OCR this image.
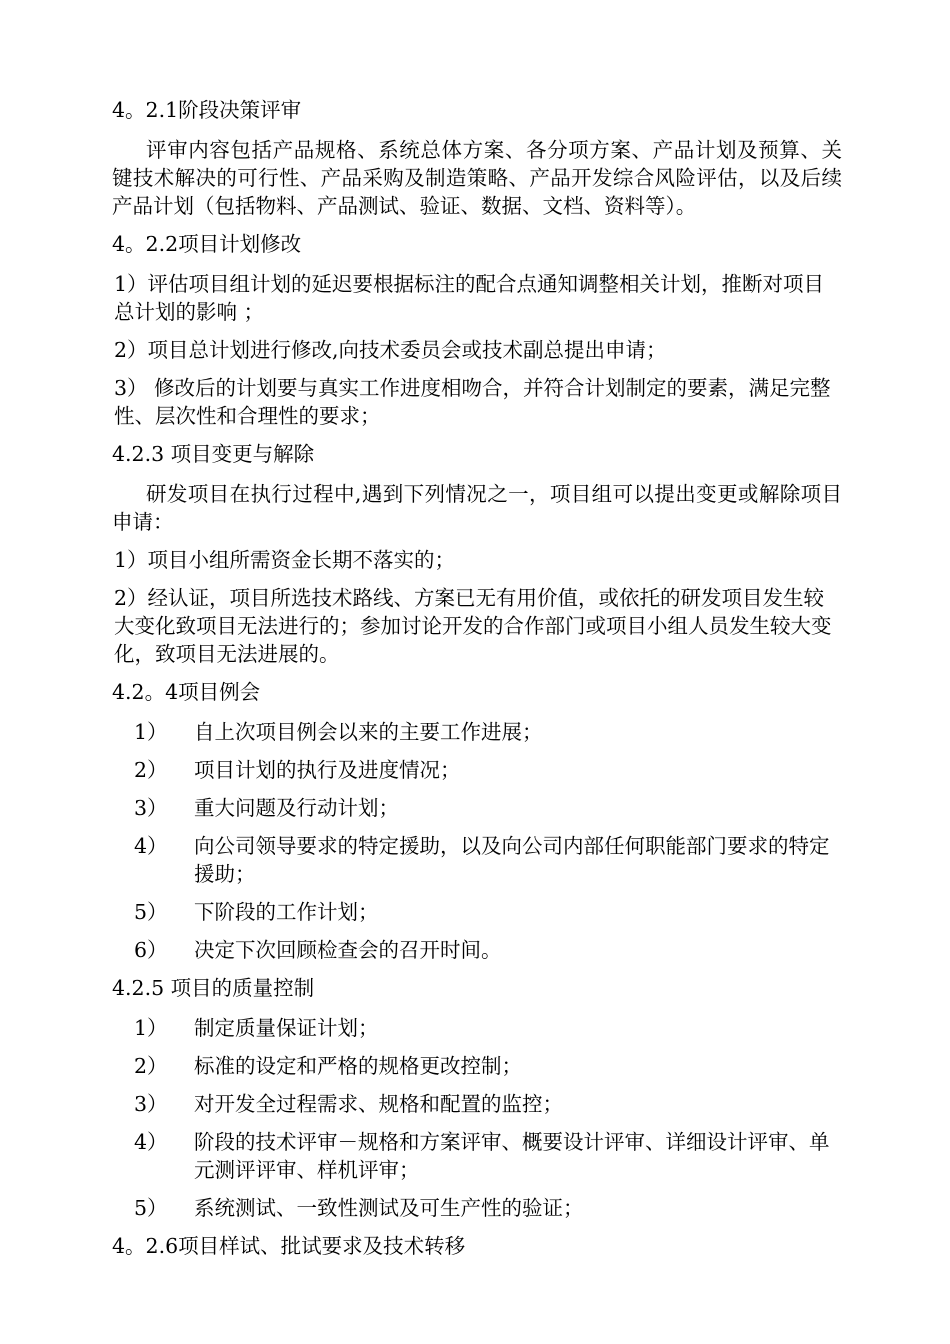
4。2.1阶段决策评审

评审内容包括产品规格、系统总体方案、各分项方案、产品计划及预算、关键技术解决的可行性、产品采购及制造策略、产品开发综合风险评估，以及后续产品计划（包括物料、产品测试、验证、数据、文档、资料等）。

4。2.2项目计划修改

1）评估项目组计划的延迟要根据标注的配合点通知调整相关计划，推断对项目总计划的影响 ；

2）项目总计划进行修改,向技术委员会或技术副总提出申请；

3） 修改后的计划要与真实工作进度相吻合，并符合计划制定的要素，满足完整性、层次性和合理性的要求；

4.2.3 项目变更与解除

研发项目在执行过程中,遇到下列情况之一，项目组可以提出变更或解除项目申请：

1）项目小组所需资金长期不落实的；

2）经认证，项目所选技术路线、方案已无有用价值，或依托的研发项目发生较大变化致项目无法进行的；参加讨论开发的合作部门或项目小组人员发生较大变化，致项目无法进展的。

4.2。4项目例会

1）	自上次项目例会以来的主要工作进展；
2）	项目计划的执行及进度情况；
3）	重大问题及行动计划；
4）	向公司领导要求的特定援助，以及向公司内部任何职能部门要求的特定援助；
5）	下阶段的工作计划；
6）	决定下次回顾检查会的召开时间。

4.2.5 项目的质量控制

1）	制定质量保证计划；
2）	标准的设定和严格的规格更改控制；
3）	对开发全过程需求、规格和配置的监控；
4）	阶段的技术评审－规格和方案评审、概要设计评审、详细设计评审、单元测评评审、样机评审；
5）	系统测试、一致性测试及可生产性的验证；

4。2.6项目样试、批试要求及技术转移
